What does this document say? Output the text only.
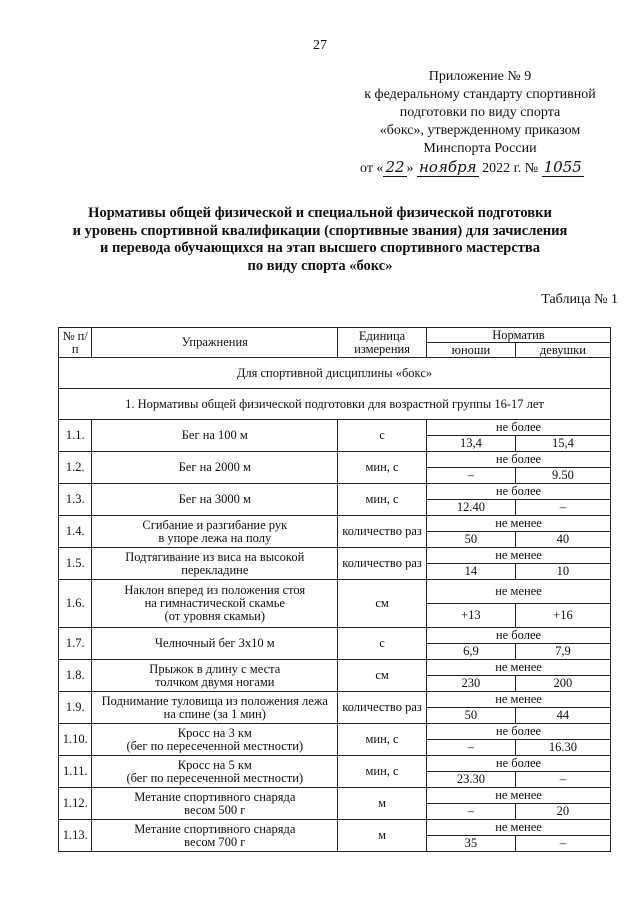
27
Приложение № 9
к федеральному стандарту спортивной
подготовки по виду спорта
«бокс», утвержденному приказом
Минспорта России
от « 22 » ноября 2022 г. № 1055
Нормативы общей физической и специальной физической подготовки
и уровень спортивной квалификации (спортивные звания) для зачисления
и перевода обучающихся на этап высшего спортивного мастерства
по виду спорта «бокс»
Таблица № 1
№ п/п	Упражнения	Единица измерения	Норматив	
			юноши	девушки
Для спортивной дисциплины «бокс»				
1. Нормативы общей физической подготовки для возрастной группы 16-17 лет				
1.1.	Бег на 100 м	с	не более	
			13,4	15,4
1.2.	Бег на 2000 м	мин, с	не более	
			–	9.50
1.3.	Бег на 3000 м	мин, с	не более	
			12.40	–
1.4.	Сгибание и разгибание рук
в упоре лежа на полу	количество раз	не менее	
			50	40
1.5.	Подтягивание из виса на высокой
перекладине	количество раз	не менее	
			14	10
1.6.	Наклон вперед из положения стоя
на гимнастической скамье
(от уровня скамьи)	см	не менее	
			+13	+16
1.7.	Челночный бег 3х10 м	с	не более	
			6,9	7,9
1.8.	Прыжок в длину с места
толчком двумя ногами	см	не менее	
			230	200
1.9.	Поднимание туловища из положения лежа
на спине (за 1 мин)	количество раз	не менее	
			50	44
1.10.	Кросс на 3 км
(бег по пересеченной местности)	мин, с	не более	
			–	16.30
1.11.	Кросс на 5 км
(бег по пересеченной местности)	мин, с	не более	
			23.30	–
1.12.	Метание спортивного снаряда
весом 500 г	м	не менее	
			–	20
1.13.	Метание спортивного снаряда
весом 700 г	м	не менее	
			35	–
